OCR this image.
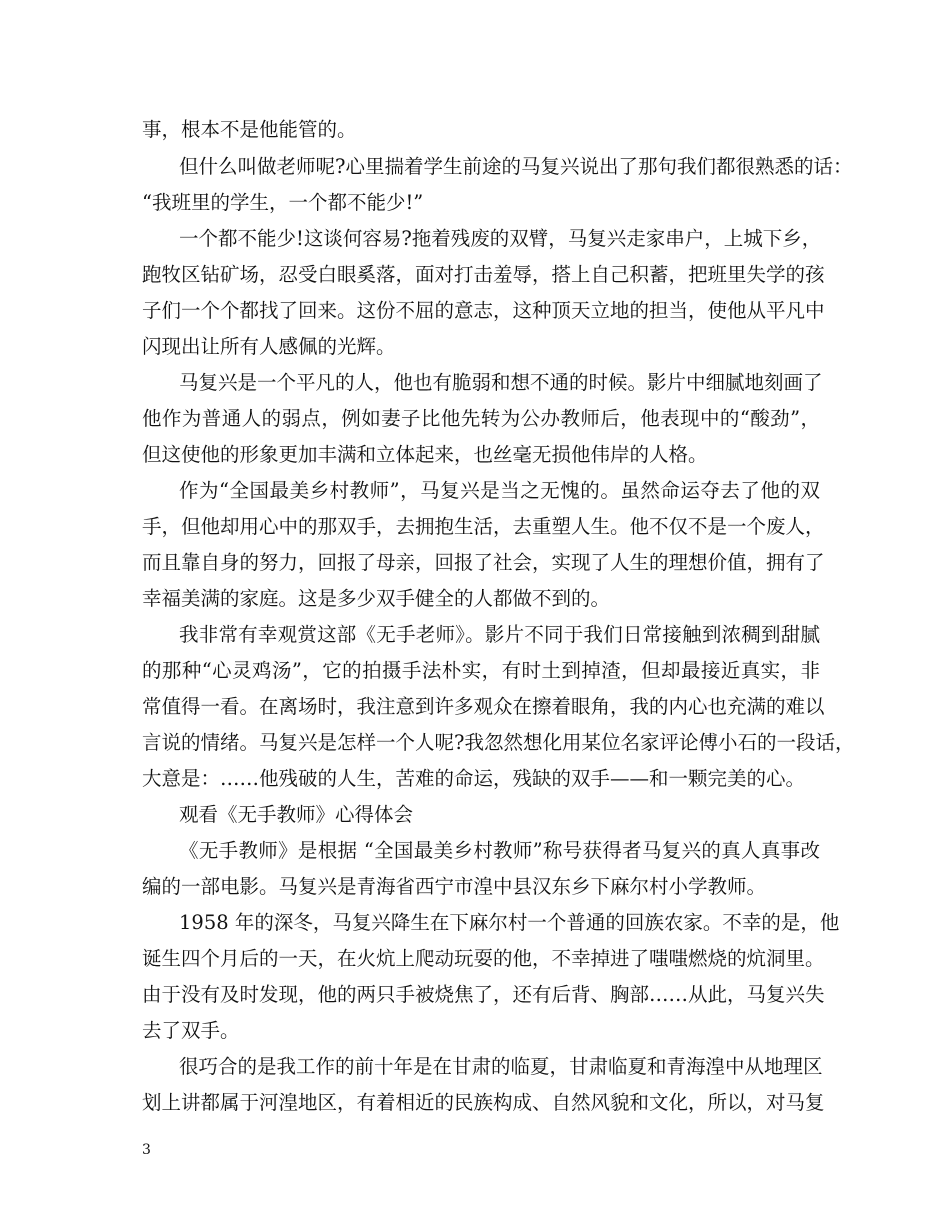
事，根本不是他能管的。
但什么叫做老师呢?心里揣着学生前途的马复兴说出了那句我们都很熟悉的话：
“我班里的学生，一个都不能少!”
一个都不能少!这谈何容易?拖着残废的双臂，马复兴走家串户，上城下乡，
跑牧区钻矿场，忍受白眼奚落，面对打击羞辱，搭上自己积蓄，把班里失学的孩
子们一个个都找了回来。这份不屈的意志，这种顶天立地的担当，使他从平凡中
闪现出让所有人感佩的光辉。
马复兴是一个平凡的人，他也有脆弱和想不通的时候。影片中细腻地刻画了
他作为普通人的弱点，例如妻子比他先转为公办教师后，他表现中的“酸劲”，
但这使他的形象更加丰满和立体起来，也丝毫无损他伟岸的人格。
作为“全国最美乡村教师”，马复兴是当之无愧的。虽然命运夺去了他的双
手，但他却用心中的那双手，去拥抱生活，去重塑人生。他不仅不是一个废人，
而且靠自身的努力，回报了母亲，回报了社会，实现了人生的理想价值，拥有了
幸福美满的家庭。这是多少双手健全的人都做不到的。
我非常有幸观赏这部《无手老师》。影片不同于我们日常接触到浓稠到甜腻
的那种“心灵鸡汤”，它的拍摄手法朴实，有时土到掉渣，但却最接近真实，非
常值得一看。在离场时，我注意到许多观众在擦着眼角，我的内心也充满的难以
言说的情绪。马复兴是怎样一个人呢?我忽然想化用某位名家评论傅小石的一段话，
大意是：……他残破的人生，苦难的命运，残缺的双手——和一颗完美的心。
观看《无手教师》心得体会
《无手教师》是根据 “全国最美乡村教师”称号获得者马复兴的真人真事改
编的一部电影。马复兴是青海省西宁市湟中县汉东乡下麻尔村小学教师。
1958 年的深冬，马复兴降生在下麻尔村一个普通的回族农家。不幸的是，他
诞生四个月后的一天，在火炕上爬动玩耍的他，不幸掉进了嗤嗤燃烧的炕洞里。
由于没有及时发现，他的两只手被烧焦了，还有后背、胸部……从此，马复兴失
去了双手。
很巧合的是我工作的前十年是在甘肃的临夏，甘肃临夏和青海湟中从地理区
划上讲都属于河湟地区，有着相近的民族构成、自然风貌和文化，所以，对马复
3
